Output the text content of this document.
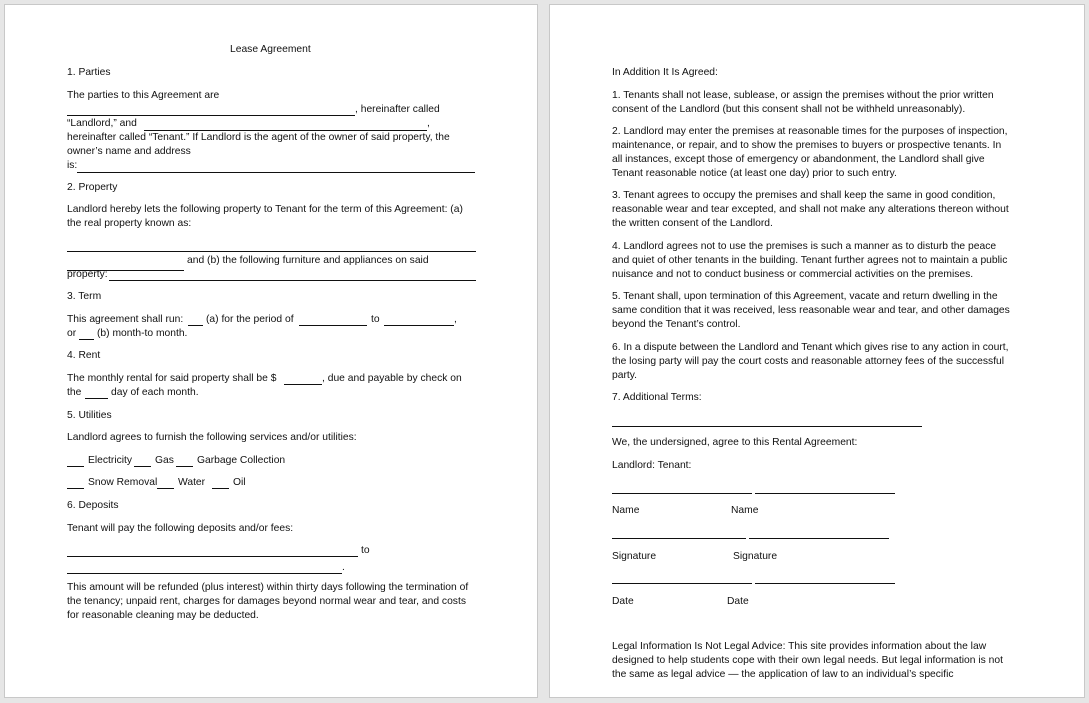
Lease Agreement
1. Parties
The parties to this Agreement are
, hereinafter called
“Landlord,” and	,
hereinafter called “Tenant.” If Landlord is the agent of the owner of said property, the
owner’s name and address
is:
2. Property
Landlord hereby lets the following property to Tenant for the term of this Agreement: (a)
the real property known as:
and (b) the following furniture and appliances on said
property:
3. Term
This agreement shall run: (a) for the period of	to	,
or (b) month-to month.
4. Rent
The monthly rental for said property shall be $	, due and payable by check on
the	day of each month.
5. Utilities
Landlord agrees to furnish the following services and/or utilities:
Electricity Gas Garbage Collection
Snow Removal Water	Oil
6. Deposits
Tenant will pay the following deposits and/or fees:
to
.
This amount will be refunded (plus interest) within thirty days following the termination of
the tenancy; unpaid rent, charges for damages beyond normal wear and tear, and costs
for reasonable cleaning may be deducted.
In Addition It Is Agreed:
1. Tenants shall not lease, sublease, or assign the premises without the prior written
consent of the Landlord (but this consent shall not be withheld unreasonably).
2. Landlord may enter the premises at reasonable times for the purposes of inspection,
maintenance, or repair, and to show the premises to buyers or prospective tenants. In
all instances, except those of emergency or abandonment, the Landlord shall give
Tenant reasonable notice (at least one day) prior to such entry.
3. Tenant agrees to occupy the premises and shall keep the same in good condition,
reasonable wear and tear excepted, and shall not make any alterations thereon without
the written consent of the Landlord.
4. Landlord agrees not to use the premises is such a manner as to disturb the peace
and quiet of other tenants in the building. Tenant further agrees not to maintain a public
nuisance and not to conduct business or commercial activities on the premises.
5. Tenant shall, upon termination of this Agreement, vacate and return dwelling in the
same condition that it was received, less reasonable wear and tear, and other damages
beyond the Tenant’s control.
6. In a dispute between the Landlord and Tenant which gives rise to any action in court,
the losing party will pay the court costs and reasonable attorney fees of the successful
party.
7. Additional Terms:
We, the undersigned, agree to this Rental Agreement:
Landlord: Tenant:
Name	Name
Signature	Signature
Date	Date
Legal Information Is Not Legal Advice: This site provides information about the law
designed to help students cope with their own legal needs. But legal information is not
the same as legal advice — the application of law to an individual’s specific
